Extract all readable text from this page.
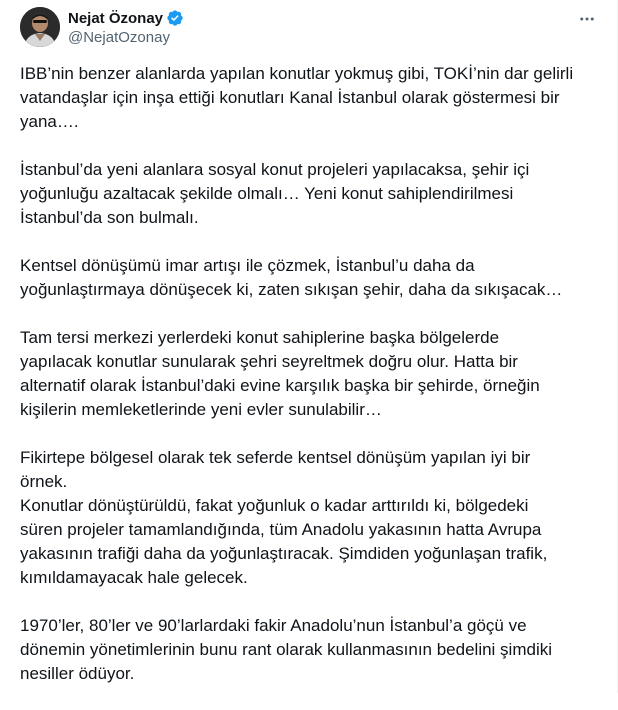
Nejat Özonay
@NejatOzonay

IBB’nin benzer alanlarda yapılan konutlar yokmuş gibi, TOKİ’nin dar gelirli
vatandaşlar için inşa ettiği konutları Kanal İstanbul olarak göstermesi bir
yana….

İstanbul’da yeni alanlara sosyal konut projeleri yapılacaksa, şehir içi
yoğunluğu azaltacak şekilde olmalı… Yeni konut sahiplendirilmesi
İstanbul’da son bulmalı.

Kentsel dönüşümü imar artışı ile çözmek, İstanbul’u daha da
yoğunlaştırmaya dönüşecek ki, zaten sıkışan şehir, daha da sıkışacak…

Tam tersi merkezi yerlerdeki konut sahiplerine başka bölgelerde
yapılacak konutlar sunularak şehri seyreltmek doğru olur. Hatta bir
alternatif olarak İstanbul’daki evine karşılık başka bir şehirde, örneğin
kişilerin memleketlerinde yeni evler sunulabilir…

Fikirtepe bölgesel olarak tek seferde kentsel dönüşüm yapılan iyi bir
örnek.

Konutlar dönüştürüldü, fakat yoğunluk o kadar arttırıldı ki, bölgedeki
süren projeler tamamlandığında, tüm Anadolu yakasının hatta Avrupa
yakasının trafiği daha da yoğunlaştıracak. Şimdiden yoğunlaşan trafik,
kımıldamayacak hale gelecek.

1970’ler, 80’ler ve 90’larlardaki fakir Anadolu’nun İstanbul’a göçü ve
dönemin yönetimlerinin bunu rant olarak kullanmasının bedelini şimdiki
nesiller ödüyor.
